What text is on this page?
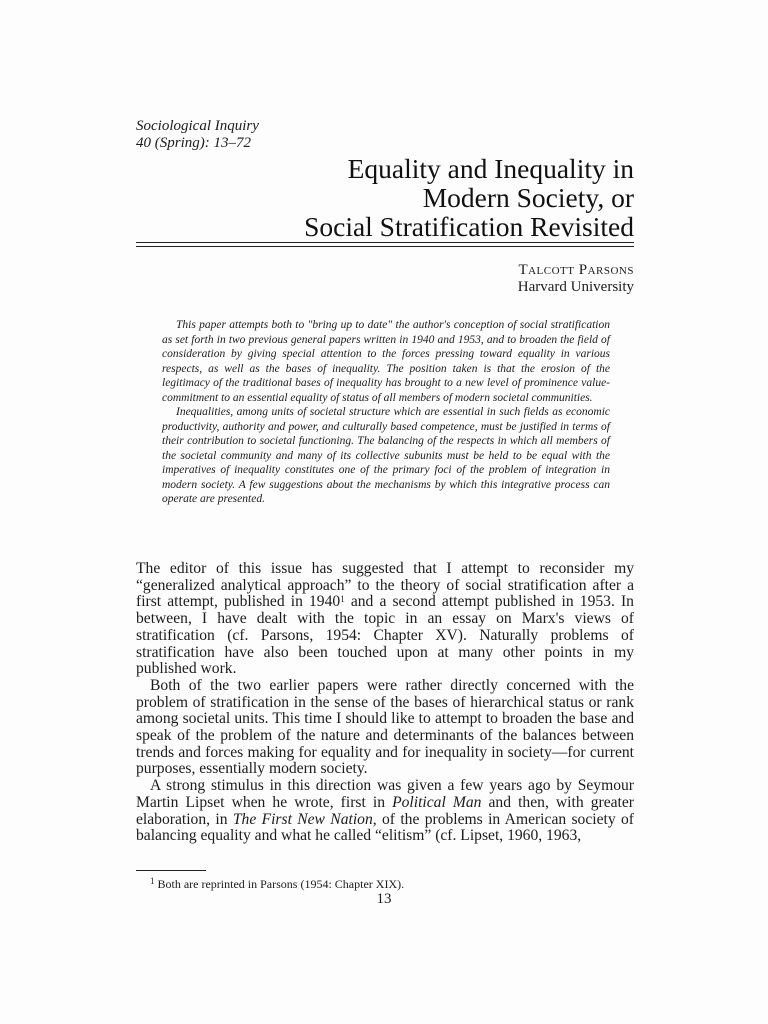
Sociological Inquiry
40 (Spring): 13–72
Equality and Inequality in
Modern Society, or
Social Stratification Revisited
Talcott Parsons
Harvard University

This paper attempts both to "bring up to date" the author's conception of social stratification as set forth in two previous general papers written in 1940 and 1953, and to broaden the field of consideration by giving special attention to the forces pressing toward equality in various respects, as well as the bases of inequality. The position taken is that the erosion of the legitimacy of the traditional bases of inequality has brought to a new level of prominence value-commitment to an essential equality of status of all members of modern societal communities.

Inequalities, among units of societal structure which are essential in such fields as economic productivity, authority and power, and culturally based competence, must be justified in terms of their contribution to societal functioning. The balancing of the respects in which all members of the societal community and many of its collective subunits must be held to be equal with the imperatives of inequality constitutes one of the primary foci of the problem of integration in modern society. A few suggestions about the mechanisms by which this integrative process can operate are presented.

The editor of this issue has suggested that I attempt to reconsider my “generalized analytical approach” to the theory of social stratification after a first attempt, published in 1940$^1$ and a second attempt published in 1953. In between, I have dealt with the topic in an essay on Marx's views of stratification (cf. Parsons, 1954: Chapter XV). Naturally problems of stratification have also been touched upon at many other points in my published work.

Both of the two earlier papers were rather directly concerned with the problem of stratification in the sense of the bases of hierarchical status or rank among societal units. This time I should like to attempt to broaden the base and speak of the problem of the nature and determinants of the balances between trends and forces making for equality and for inequality in society—for current purposes, essentially modern society.

A strong stimulus in this direction was given a few years ago by Seymour Martin Lipset when he wrote, first in Political Man and then, with greater elaboration, in The First New Nation, of the problems in American society of balancing equality and what he called “elitism” (cf. Lipset, 1960, 1963,

$^1$ Both are reprinted in Parsons (1954: Chapter XIX).
13
